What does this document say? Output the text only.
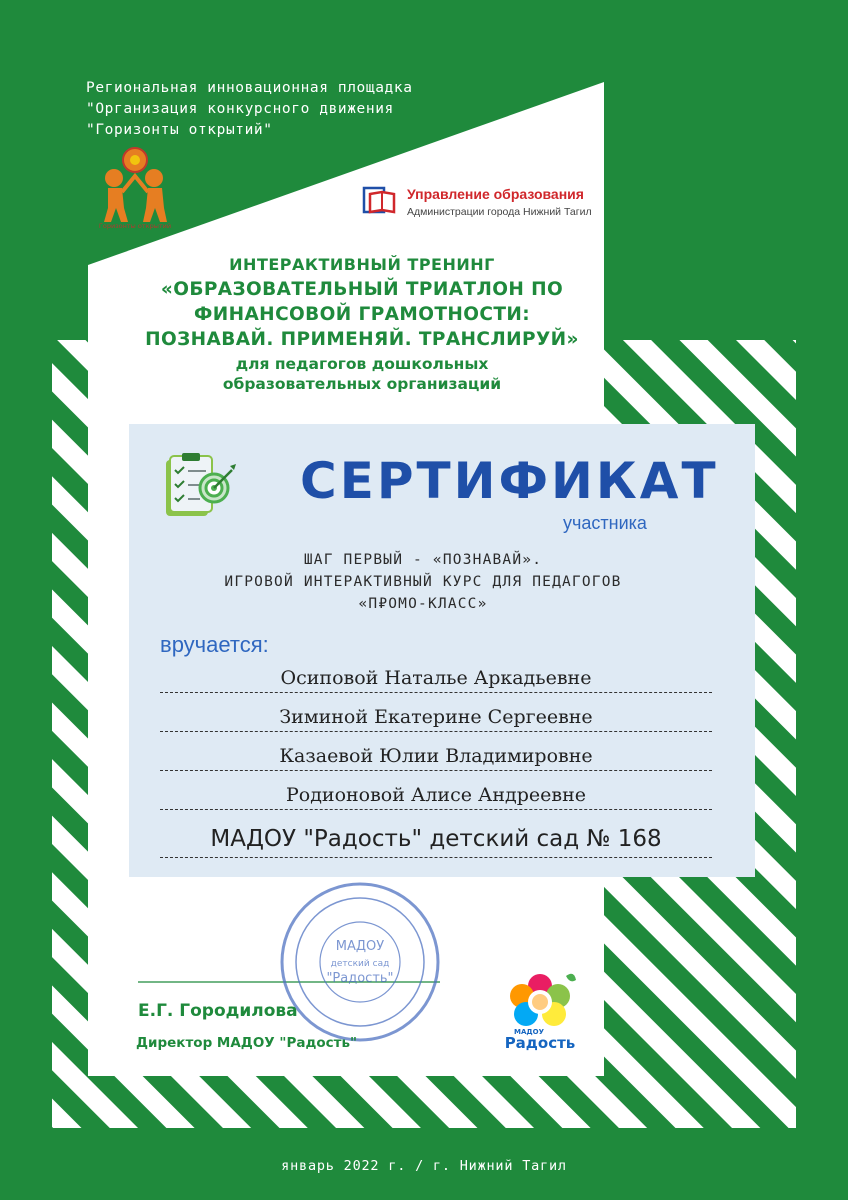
Региональная инновационная площадка
"Организация конкурсного движения
"Горизонты открытий"
Горизонты открытий
Управление образования
Администрации города Нижний Тагил
ИНТЕРАКТИВНЫЙ ТРЕНИНГ
«ОБРАЗОВАТЕЛЬНЫЙ ТРИАТЛОН ПО
ФИНАНСОВОЙ ГРАМОТНОСТИ:
ПОЗНАВАЙ. ПРИМЕНЯЙ. ТРАНСЛИРУЙ»
для педагогов дошкольных
образовательных организаций
СЕРТИФИКАТ
участника
ШАГ ПЕРВЫЙ - «ПОЗНАВАЙ».
ИГРОВОЙ ИНТЕРАКТИВНЫЙ КУРС ДЛЯ ПЕДАГОГОВ
«П₽ОМО-КЛАСС»
вручается:
Осиповой Наталье Аркадьевне
Зиминой Екатерине Сергеевне
Казаевой Юлии Владимировне
Родионовой Алисе Андреевне
МАДОУ "Радость" детский сад № 168
МАДОУ
детский сад
"Радость"
Е.Г. Городилова
Директор МАДОУ "Радость"
МАДОУ
Радость
январь 2022 г. / г. Нижний Тагил
